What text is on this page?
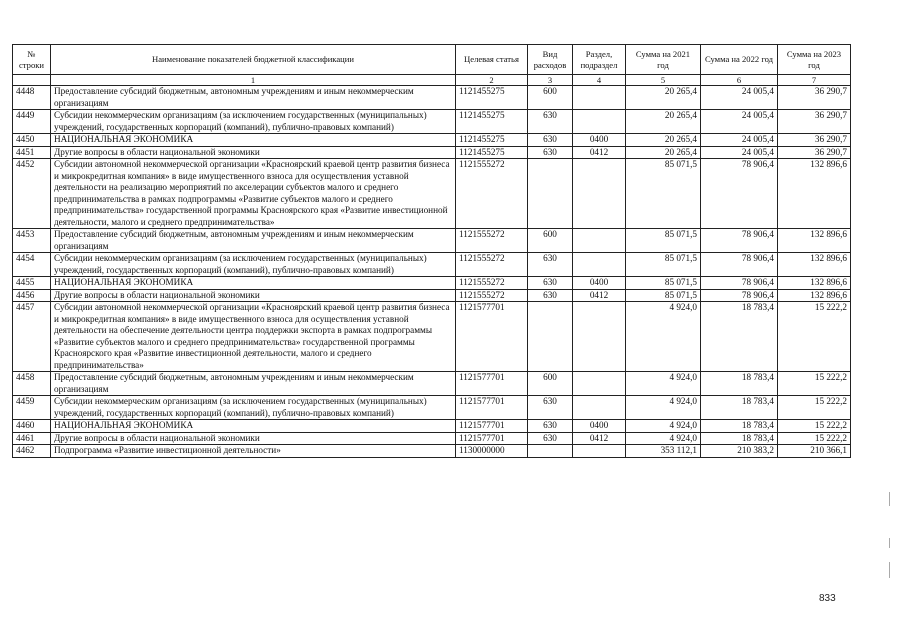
№ строки	Наименование показателей бюджетной классификации	Целевая статья	Вид расходов	Раздел, подраздел	Сумма на 2021 год	Сумма на 2022 год	Сумма на 2023 год
	1	2	3	4	5	6	7
4448	Предоставление субсидий бюджетным, автономным учреждениям и иным некоммерческим организациям	1121455275	600		20 265,4	24 005,4	36 290,7
4449	Субсидии некоммерческим организациям (за исключением государственных (муниципальных) учреждений, государственных корпораций (компаний), публично-правовых компаний)	1121455275	630		20 265,4	24 005,4	36 290,7
4450	НАЦИОНАЛЬНАЯ ЭКОНОМИКА	1121455275	630	0400	20 265,4	24 005,4	36 290,7
4451	Другие вопросы в области национальной экономики	1121455275	630	0412	20 265,4	24 005,4	36 290,7
4452	Субсидии автономной некоммерческой организации «Красноярский краевой центр развития бизнеса и микрокредитная компания» в виде имущественного взноса для осуществления уставной деятельности на реализацию мероприятий по акселерации субъектов малого и среднего предпринимательства в рамках подпрограммы «Развитие субъектов малого и среднего предпринимательства» государственной программы Красноярского края «Развитие инвестиционной деятельности, малого и среднего предпринимательства»	1121555272			85 071,5	78 906,4	132 896,6
4453	Предоставление субсидий бюджетным, автономным учреждениям и иным некоммерческим организациям	1121555272	600		85 071,5	78 906,4	132 896,6
4454	Субсидии некоммерческим организациям (за исключением государственных (муниципальных) учреждений, государственных корпораций (компаний), публично-правовых компаний)	1121555272	630		85 071,5	78 906,4	132 896,6
4455	НАЦИОНАЛЬНАЯ ЭКОНОМИКА	1121555272	630	0400	85 071,5	78 906,4	132 896,6
4456	Другие вопросы в области национальной экономики	1121555272	630	0412	85 071,5	78 906,4	132 896,6
4457	Субсидии автономной некоммерческой организации «Красноярский краевой центр развития бизнеса и микрокредитная компания» в виде имущественного взноса для осуществления уставной деятельности на обеспечение деятельности центра поддержки экспорта в рамках подпрограммы «Развитие субъектов малого и среднего предпринимательства» государственной программы Красноярского края «Развитие инвестиционной деятельности, малого и среднего предпринимательства»	1121577701			4 924,0	18 783,4	15 222,2
4458	Предоставление субсидий бюджетным, автономным учреждениям и иным некоммерческим организациям	1121577701	600		4 924,0	18 783,4	15 222,2
4459	Субсидии некоммерческим организациям (за исключением государственных (муниципальных) учреждений, государственных корпораций (компаний), публично-правовых компаний)	1121577701	630		4 924,0	18 783,4	15 222,2
4460	НАЦИОНАЛЬНАЯ ЭКОНОМИКА	1121577701	630	0400	4 924,0	18 783,4	15 222,2
4461	Другие вопросы в области национальной экономики	1121577701	630	0412	4 924,0	18 783,4	15 222,2
4462	Подпрограмма «Развитие инвестиционной деятельности»	1130000000			353 112,1	210 383,2	210 366,1
833
